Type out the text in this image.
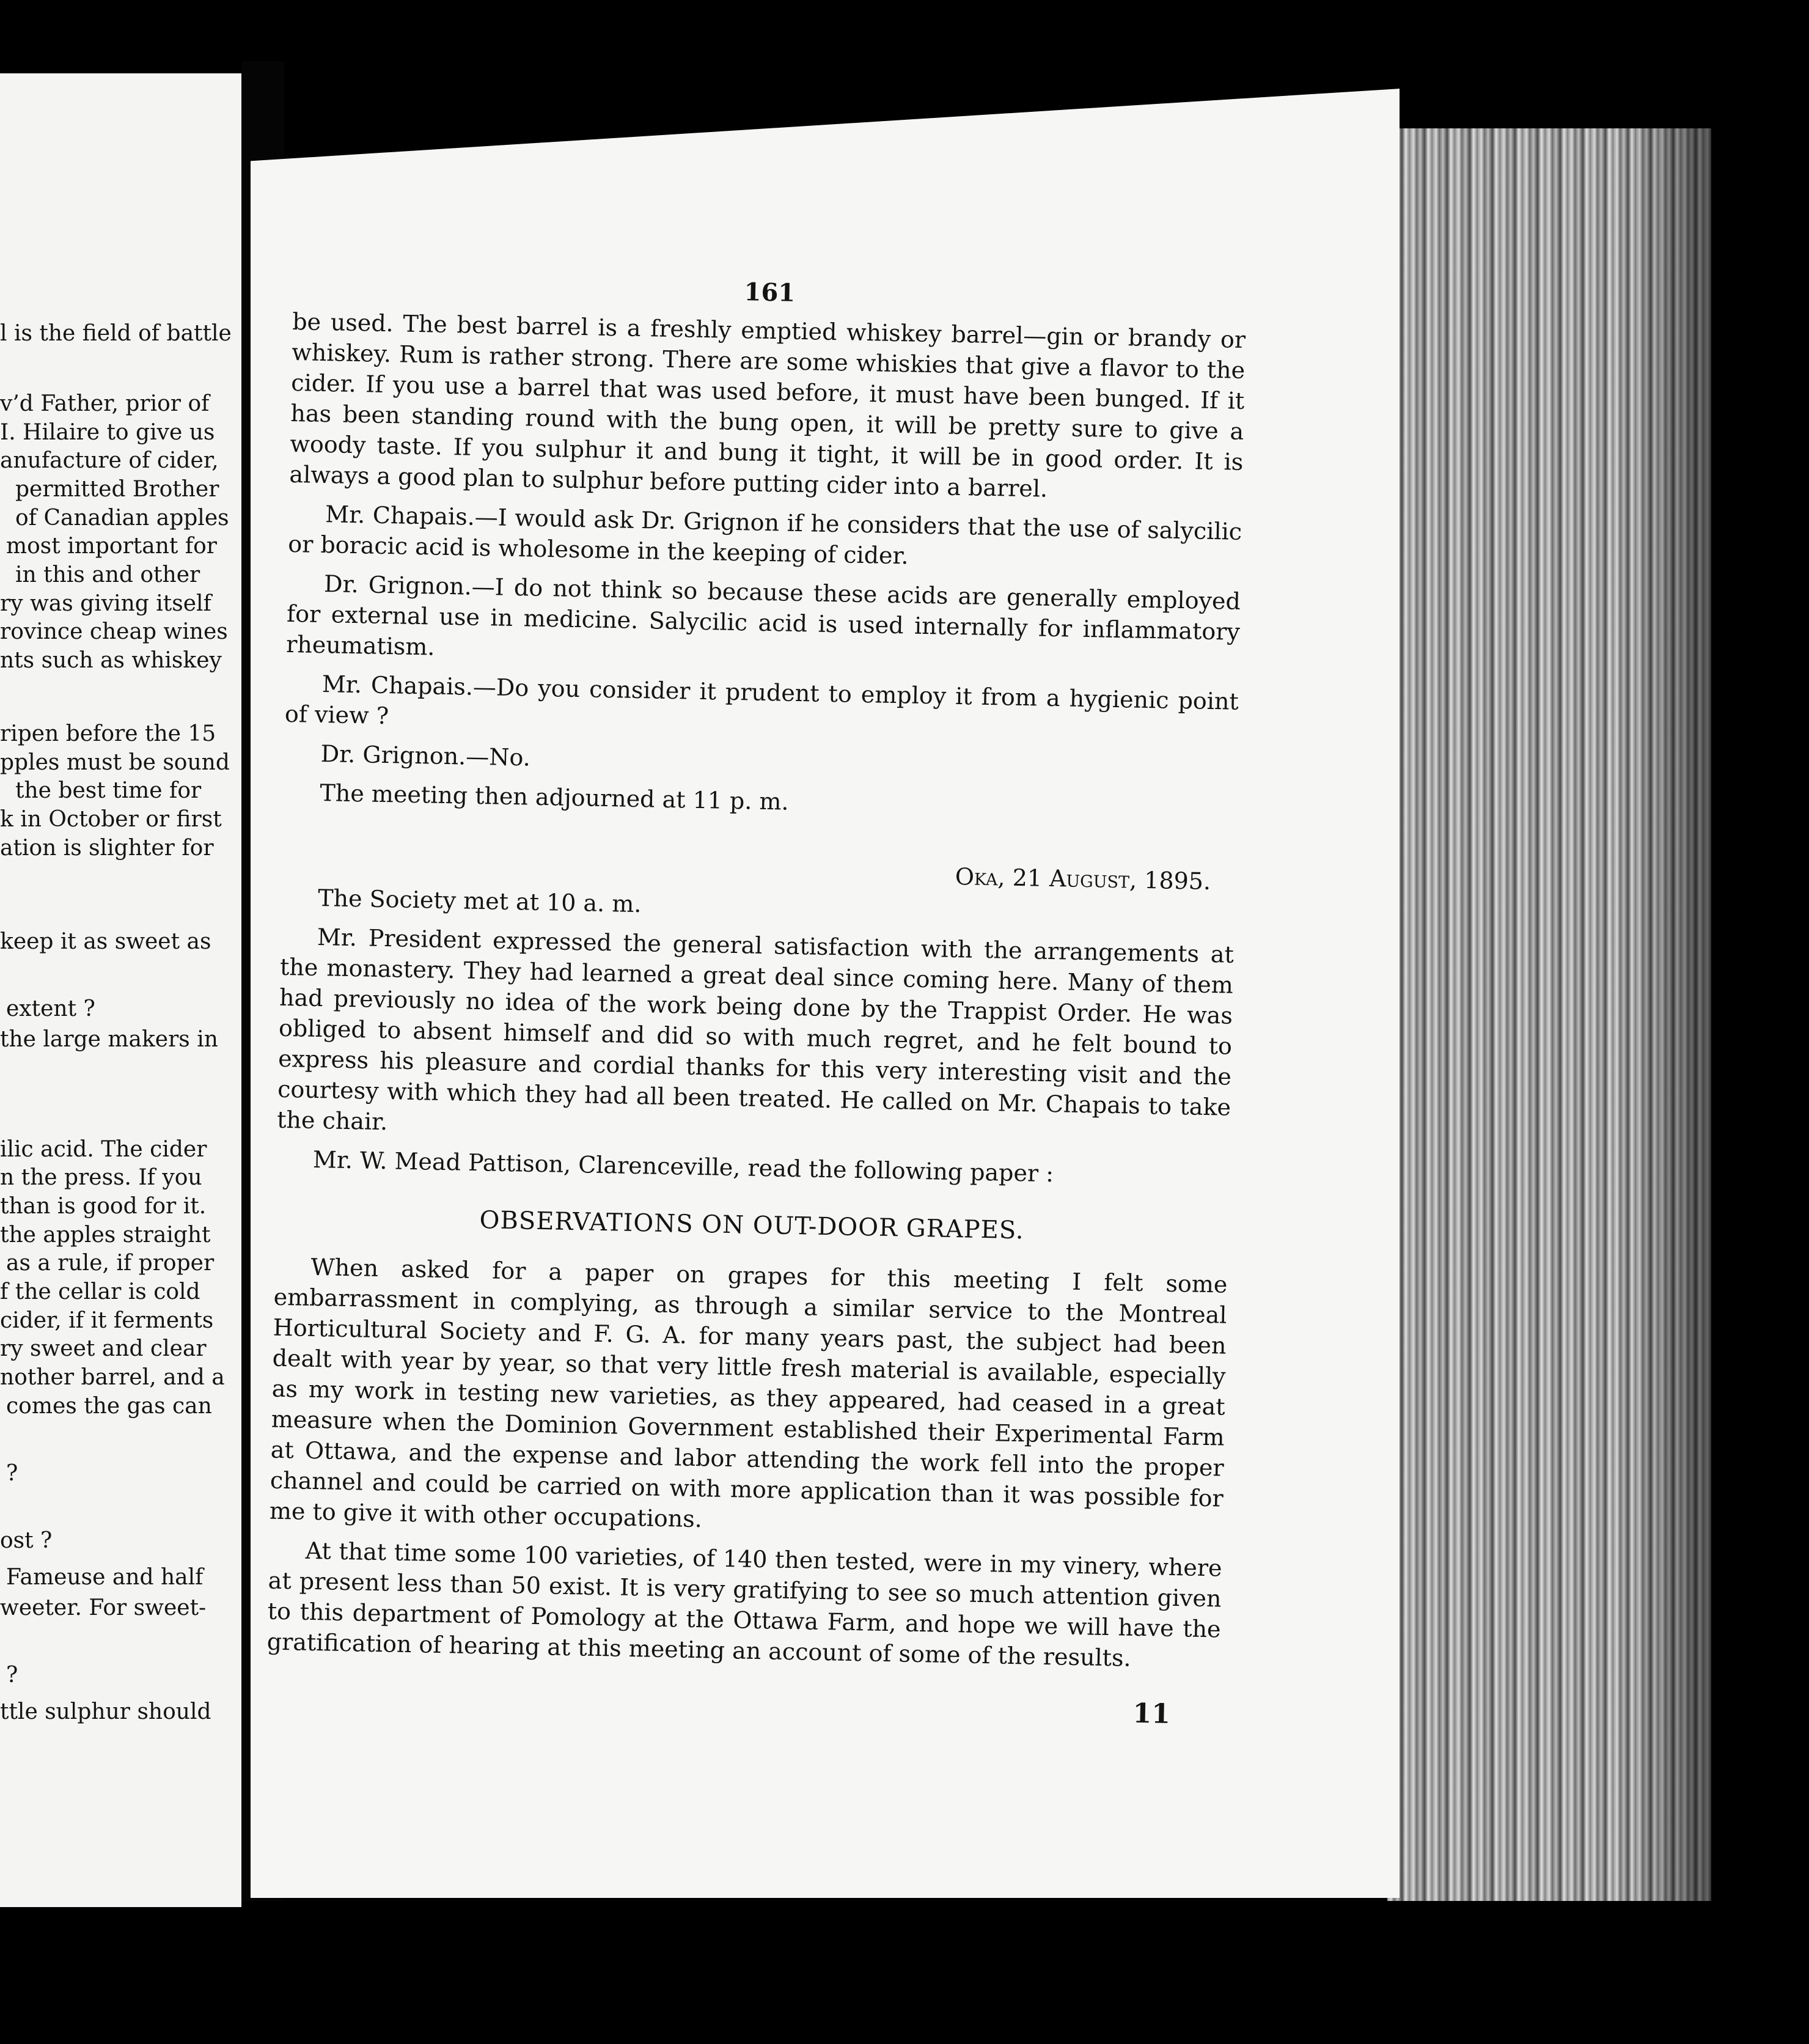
l is the field of battle
v’d Father, prior of
I. Hilaire to give us
anufacture of cider,
permitted Brother
of Canadian apples
most important for
in this and other
ry was giving itself
rovince cheap wines
nts such as whiskey
ripen before the 15
pples must be sound
the best time for
k in October or first
ation is slighter for
keep it as sweet as
extent ?
the large makers in
ilic acid. The cider
n the press. If you
than is good for it.
the apples straight
as a rule, if proper
f the cellar is cold
cider, if it ferments
ry sweet and clear
nother barrel, and a
comes the gas can
?
ost ?
Fameuse and half
weeter. For sweet-
?
ttle sulphur should
161

be used. The best barrel is a freshly emptied whiskey barrel—gin or brandy or whiskey. Rum is rather strong. There are some whiskies that give a flavor to the cider. If you use a barrel that was used before, it must have been bunged. If it has been standing round with the bung open, it will be pretty sure to give a woody taste. If you sulphur it and bung it tight, it will be in good order. It is always a good plan to sulphur before putting cider into a barrel.

Mr. Chapais.—I would ask Dr. Grignon if he considers that the use of salycilic or boracic acid is wholesome in the keeping of cider.

Dr. Grignon.—I do not think so because these acids are generally employed for external use in medicine. Salycilic acid is used internally for inflammatory rheumatism.

Mr. Chapais.—Do you consider it prudent to employ it from a hygienic point of view ?

Dr. Grignon.—No.

The meeting then adjourned at 11 p. m.

Oka, 21 August, 1895.

The Society met at 10 a. m.

Mr. President expressed the general satisfaction with the arrangements at the monastery. They had learned a great deal since coming here. Many of them had previously no idea of the work being done by the Trappist Order. He was obliged to absent himself and did so with much regret, and he felt bound to express his pleasure and cordial thanks for this very interesting visit and the courtesy with which they had all been treated. He called on Mr. Chapais to take the chair.

Mr. W. Mead Pattison, Clarenceville, read the following paper :

OBSERVATIONS ON OUT-DOOR GRAPES.

When asked for a paper on grapes for this meeting I felt some embarrassment in complying, as through a similar service to the Montreal Horticultural Society and F. G. A. for many years past, the subject had been dealt with year by year, so that very little fresh material is available, especially as my work in testing new varieties, as they appeared, had ceased in a great measure when the Dominion Government established their Experimental Farm at Ottawa, and the expense and labor attending the work fell into the proper channel and could be carried on with more application than it was possible for me to give it with other occupations.

At that time some 100 varieties, of 140 then tested, were in my vinery, where at present less than 50 exist. It is very gratifying to see so much attention given to this department of Pomology at the Ottawa Farm, and hope we will have the gratification of hearing at this meeting an account of some of the results.

11
